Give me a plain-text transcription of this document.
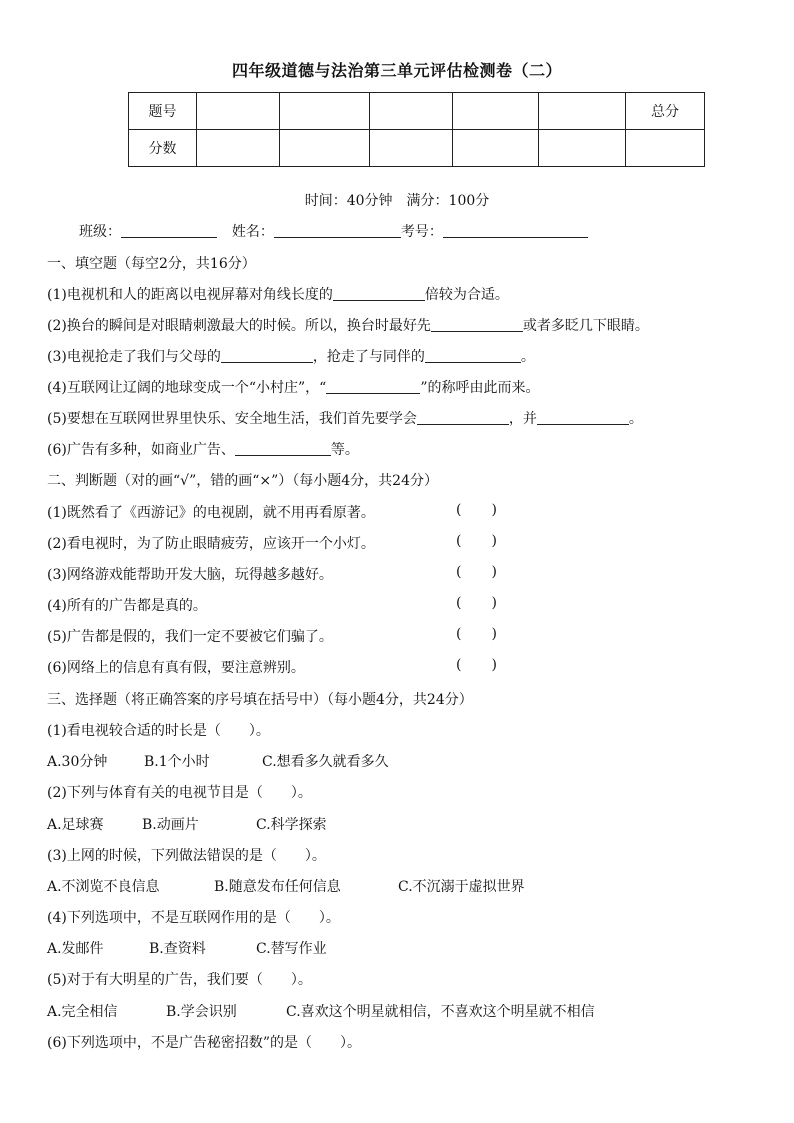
四年级道德与法治第三单元评估检测卷（二）
题号						总分
分数						
时间：40分钟　满分：100分
班级：	姓名：	考号：
一、填空题（每空2分，共16分）
(1)电视机和人的距离以电视屏幕对角线长度的	倍较为合适。
(2)换台的瞬间是对眼睛刺激最大的时候。所以，换台时最好先	或者多眨几下眼睛。
(3)电视抢走了我们与父母的	，抢走了与同伴的	。
(4)互联网让辽阔的地球变成一个“小村庄”，“	”的称呼由此而来。
(5)要想在互联网世界里快乐、安全地生活，我们首先要学会	，并	。
(6)广告有多种，如商业广告、	等。
二、判断题（对的画“√”，错的画“×”）（每小题4分，共24分）
(1)既然看了《西游记》的电视剧，就不用再看原著。	( )
(2)看电视时，为了防止眼睛疲劳，应该开一个小灯。	( )
(3)网络游戏能帮助开发大脑，玩得越多越好。	( )
(4)所有的广告都是真的。	( )
(5)广告都是假的，我们一定不要被它们骗了。	( )
(6)网络上的信息有真有假，要注意辨别。	( )
三、选择题（将正确答案的序号填在括号中）（每小题4分，共24分）
(1)看电视较合适的时长是（　　）。
A.30分钟	B.1个小时	C.想看多久就看多久
(2)下列与体育有关的电视节目是（　　）。
A.足球赛	B.动画片	C.科学探索
(3)上网的时候，下列做法错误的是（　　）。
A.不浏览不良信息	B.随意发布任何信息	C.不沉溺于虚拟世界
(4)下列选项中，不是互联网作用的是（　　）。
A.发邮件	B.查资料	C.替写作业
(5)对于有大明星的广告，我们要（　　）。
A.完全相信	B.学会识别	C.喜欢这个明星就相信，不喜欢这个明星就不相信
(6)下列选项中，不是广告秘密招数”的是（　　）。
